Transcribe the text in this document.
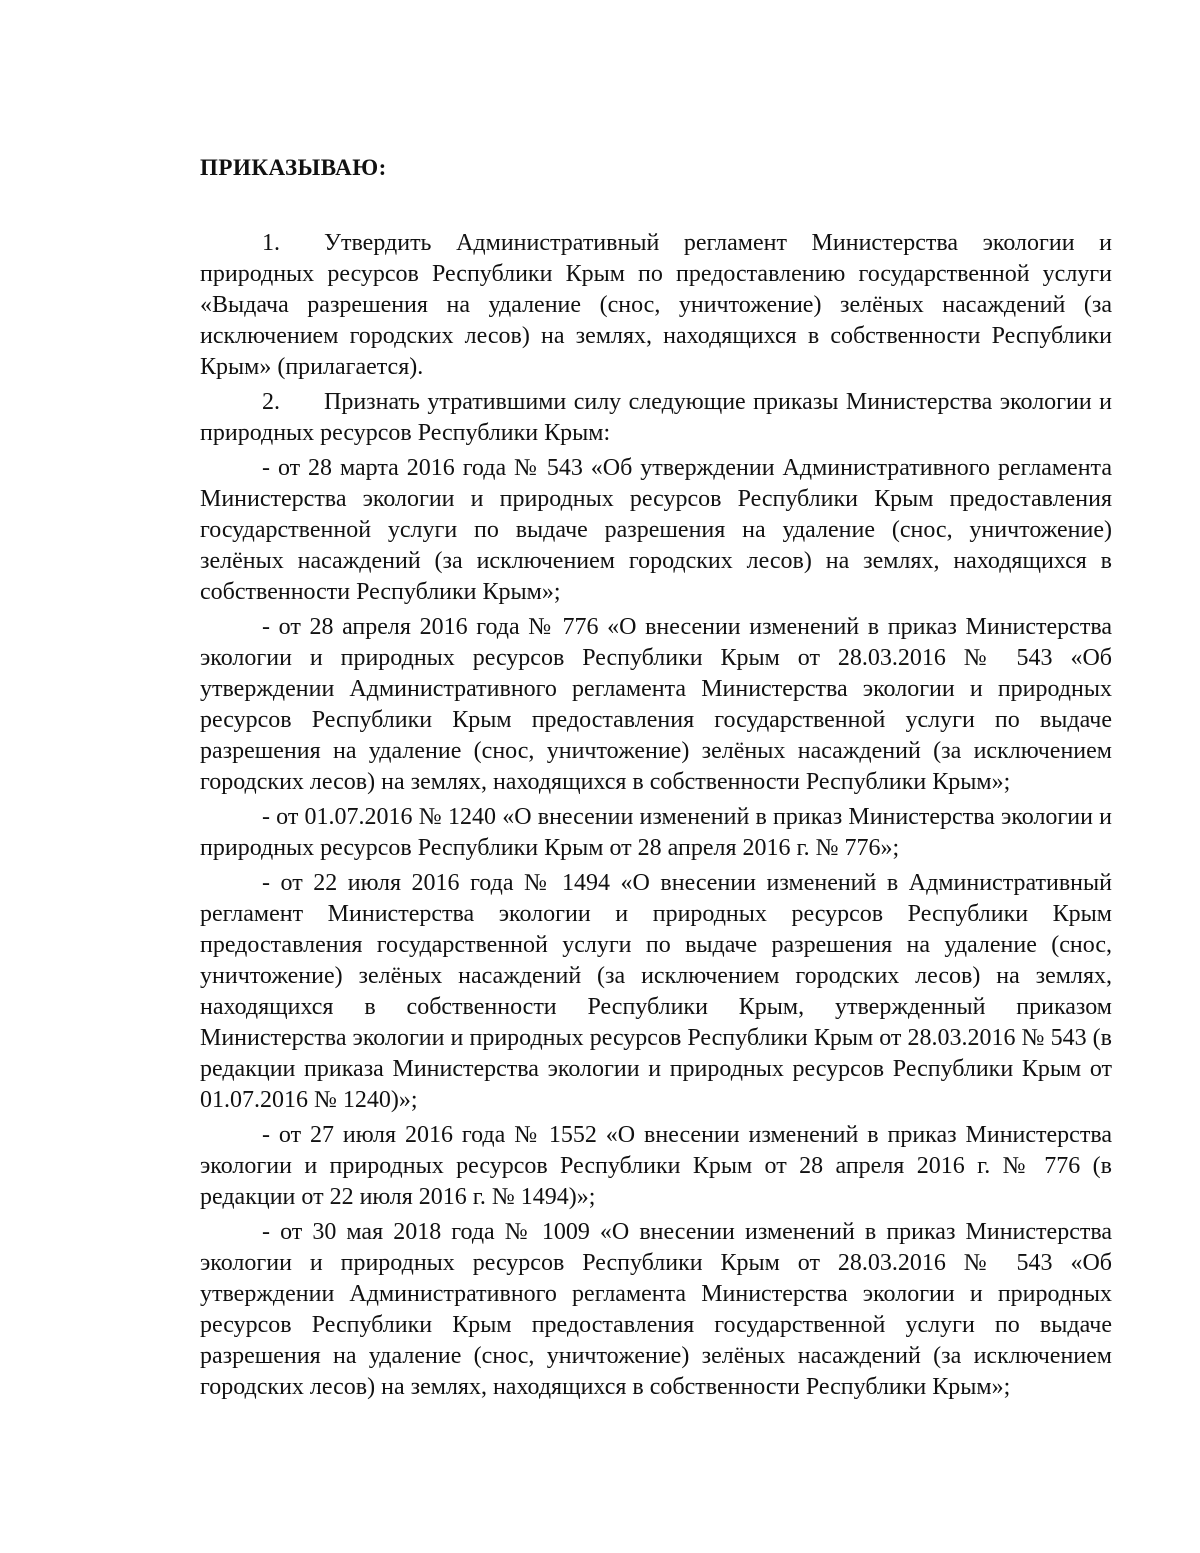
ПРИКАЗЫВАЮ:

1. Утвердить Административный регламент Министерства экологии и природных ресурсов Республики Крым по предоставлению государственной услуги «Выдача разрешения на удаление (снос, уничтожение) зелёных насаждений (за исключением городских лесов) на землях, находящихся в собственности Республики Крым» (прилагается).

2. Признать утратившими силу следующие приказы Министерства экологии и природных ресурсов Республики Крым:

- от 28 марта 2016 года № 543 «Об утверждении Административного регламента Министерства экологии и природных ресурсов Республики Крым предоставления государственной услуги по выдаче разрешения на удаление (снос, уничтожение) зелёных насаждений (за исключением городских лесов) на землях, находящихся в собственности Республики Крым»;

- от 28 апреля 2016 года № 776 «О внесении изменений в приказ Министерства экологии и природных ресурсов Республики Крым от 28.03.2016 № 543 «Об утверждении Административного регламента Министерства экологии и природных ресурсов Республики Крым предоставления государственной услуги по выдаче разрешения на удаление (снос, уничтожение) зелёных насаждений (за исключением городских лесов) на землях, находящихся в собственности Республики Крым»;

- от 01.07.2016 № 1240 «О внесении изменений в приказ Министерства экологии и природных ресурсов Республики Крым от 28 апреля 2016 г. № 776»;

- от 22 июля 2016 года № 1494 «О внесении изменений в Административный регламент Министерства экологии и природных ресурсов Республики Крым предоставления государственной услуги по выдаче разрешения на удаление (снос, уничтожение) зелёных насаждений (за исключением городских лесов) на землях, находящихся в собственности Республики Крым, утвержденный приказом Министерства экологии и природных ресурсов Республики Крым от 28.03.2016 № 543 (в редакции приказа Министерства экологии и природных ресурсов Республики Крым от 01.07.2016 № 1240)»;

- от 27 июля 2016 года № 1552 «О внесении изменений в приказ Министерства экологии и природных ресурсов Республики Крым от 28 апреля 2016 г. № 776 (в редакции от 22 июля 2016 г. № 1494)»;

- от 30 мая 2018 года № 1009 «О внесении изменений в приказ Министерства экологии и природных ресурсов Республики Крым от 28.03.2016 № 543 «Об утверждении Административного регламента Министерства экологии и природных ресурсов Республики Крым предоставления государственной услуги по выдаче разрешения на удаление (снос, уничтожение) зелёных насаждений (за исключением городских лесов) на землях, находящихся в собственности Республики Крым»;
